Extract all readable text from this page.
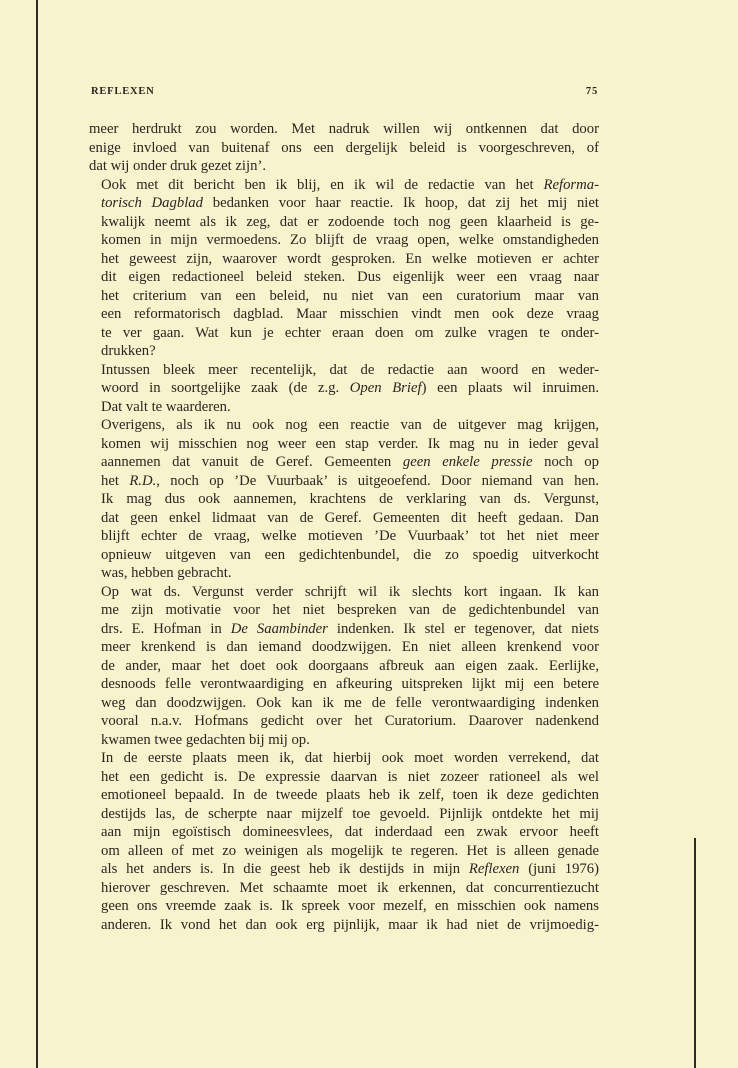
REFLEXEN	75

meer herdrukt zou worden. Met nadruk willen wij ontkennen dat door
enige invloed van buitenaf ons een dergelijk beleid is voorgeschreven, of
dat wij onder druk gezet zijn’.

Ook met dit bericht ben ik blij, en ik wil de redactie van het Reforma-
torisch Dagblad bedanken voor haar reactie. Ik hoop, dat zij het mij niet
kwalijk neemt als ik zeg, dat er zodoende toch nog geen klaarheid is ge-
komen in mijn vermoedens. Zo blijft de vraag open, welke omstandigheden
het geweest zijn, waarover wordt gesproken. En welke motieven er achter
dit eigen redactioneel beleid steken. Dus eigenlijk weer een vraag naar
het criterium van een beleid, nu niet van een curatorium maar van
een reformatorisch dagblad. Maar misschien vindt men ook deze vraag
te ver gaan. Wat kun je echter eraan doen om zulke vragen te onder-
drukken?

Intussen bleek meer recentelijk, dat de redactie aan woord en weder-
woord in soortgelijke zaak (de z.g. Open Brief) een plaats wil inruimen.
Dat valt te waarderen.

Overigens, als ik nu ook nog een reactie van de uitgever mag krijgen,
komen wij misschien nog weer een stap verder. Ik mag nu in ieder geval
aannemen dat vanuit de Geref. Gemeenten geen enkele pressie noch op
het R.D., noch op ’De Vuurbaak’ is uitgeoefend. Door niemand van hen.
Ik mag dus ook aannemen, krachtens de verklaring van ds. Vergunst,
dat geen enkel lidmaat van de Geref. Gemeenten dit heeft gedaan. Dan
blijft echter de vraag, welke motieven ’De Vuurbaak’ tot het niet meer
opnieuw uitgeven van een gedichtenbundel, die zo spoedig uitverkocht
was, hebben gebracht.

Op wat ds. Vergunst verder schrijft wil ik slechts kort ingaan. Ik kan
me zijn motivatie voor het niet bespreken van de gedichtenbundel van
drs. E. Hofman in De Saambinder indenken. Ik stel er tegenover, dat niets
meer krenkend is dan iemand doodzwijgen. En niet alleen krenkend voor
de ander, maar het doet ook doorgaans afbreuk aan eigen zaak. Eerlijke,
desnoods felle verontwaardiging en afkeuring uitspreken lijkt mij een betere
weg dan doodzwijgen. Ook kan ik me de felle verontwaardiging indenken
vooral n.a.v. Hofmans gedicht over het Curatorium. Daarover nadenkend
kwamen twee gedachten bij mij op.

In de eerste plaats meen ik, dat hierbij ook moet worden verrekend, dat
het een gedicht is. De expressie daarvan is niet zozeer rationeel als wel
emotioneel bepaald. In de tweede plaats heb ik zelf, toen ik deze gedichten
destijds las, de scherpte naar mijzelf toe gevoeld. Pijnlijk ontdekte het mij
aan mijn egoïstisch domineesvlees, dat inderdaad een zwak ervoor heeft
om alleen of met zo weinigen als mogelijk te regeren. Het is alleen genade
als het anders is. In die geest heb ik destijds in mijn Reflexen (juni 1976)
hierover geschreven. Met schaamte moet ik erkennen, dat concurrentiezucht
geen ons vreemde zaak is. Ik spreek voor mezelf, en misschien ook namens
anderen. Ik vond het dan ook erg pijnlijk, maar ik had niet de vrijmoedig-
